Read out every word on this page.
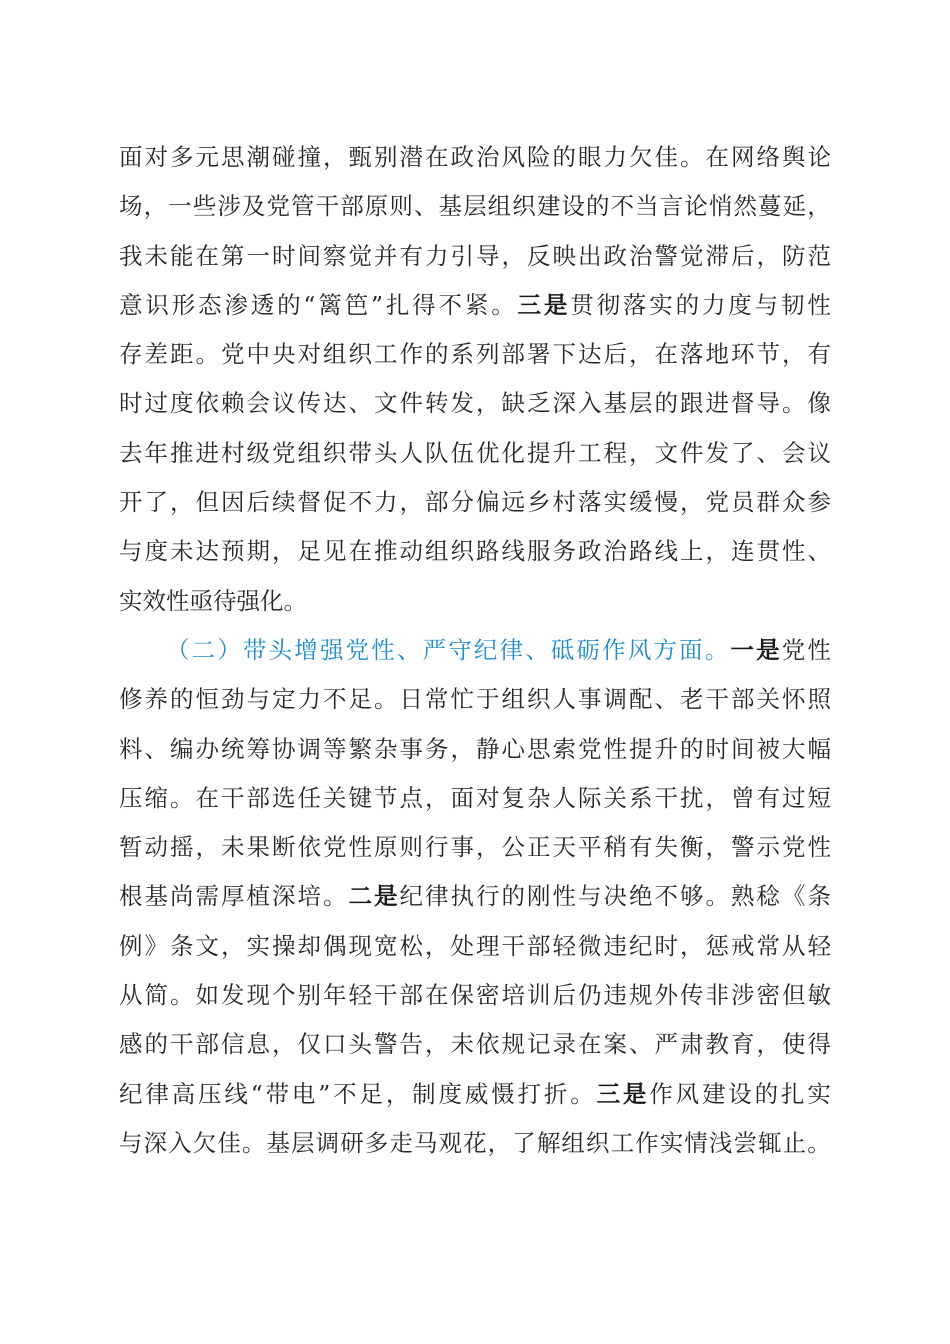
面 对 多 元 思 潮 碰 撞 ， 甄 别 潜 在 政 治 风 险 的 眼 力 欠 佳 。 在 网 络 舆 论
场 ， 一 些 涉 及 党 管 干 部 原 则 、 基 层 组 织 建 设 的 不 当 言 论 悄 然 蔓 延 ，
我 未 能 在 第 一 时 间 察 觉 并 有 力 引 导 ， 反 映 出 政 治 警 觉 滞 后 ， 防 范
意 识 形 态 渗 透 的 “ 篱 笆 ” 扎 得 不 紧 。 三 是 贯 彻 落 实 的 力 度 与 韧 性
存 差 距 。 党 中 央 对 组 织 工 作 的 系 列 部 署 下 达 后 ， 在 落 地 环 节 ， 有
时 过 度 依 赖 会 议 传 达 、 文 件 转 发 ， 缺 乏 深 入 基 层 的 跟 进 督 导 。 像
去 年 推 进 村 级 党 组 织 带 头 人 队 伍 优 化 提 升 工 程 ， 文 件 发 了 、 会 议
开 了 ， 但 因 后 续 督 促 不 力 ， 部 分 偏 远 乡 村 落 实 缓 慢 ， 党 员 群 众 参
与 度 未 达 预 期 ， 足 见 在 推 动 组 织 路 线 服 务 政 治 路 线 上 ， 连 贯 性 、
实 效 性 亟 待 强 化 。
（ 二 ） 带 头 增 强 党 性 、 严 守 纪 律 、 砥 砺 作 风 方 面 。 一 是 党 性
修 养 的 恒 劲 与 定 力 不 足 。 日 常 忙 于 组 织 人 事 调 配 、 老 干 部 关 怀 照
料 、 编 办 统 筹 协 调 等 繁 杂 事 务 ， 静 心 思 索 党 性 提 升 的 时 间 被 大 幅
压 缩 。 在 干 部 选 任 关 键 节 点 ， 面 对 复 杂 人 际 关 系 干 扰 ， 曾 有 过 短
暂 动 摇 ， 未 果 断 依 党 性 原 则 行 事 ， 公 正 天 平 稍 有 失 衡 ， 警 示 党 性
根 基 尚 需 厚 植 深 培 。 二 是 纪 律 执 行 的 刚 性 与 决 绝 不 够 。 熟 稔 《 条
例 》 条 文 ， 实 操 却 偶 现 宽 松 ， 处 理 干 部 轻 微 违 纪 时 ， 惩 戒 常 从 轻
从 简 。 如 发 现 个 别 年 轻 干 部 在 保 密 培 训 后 仍 违 规 外 传 非 涉 密 但 敏
感 的 干 部 信 息 ， 仅 口 头 警 告 ， 未 依 规 记 录 在 案 、 严 肃 教 育 ， 使 得
纪 律 高 压 线 “ 带 电 ” 不 足 ， 制 度 威 慑 打 折 。 三 是 作 风 建 设 的 扎 实
与 深 入 欠 佳 。 基 层 调 研 多 走 马 观 花 ， 了 解 组 织 工 作 实 情 浅 尝 辄 止 。
